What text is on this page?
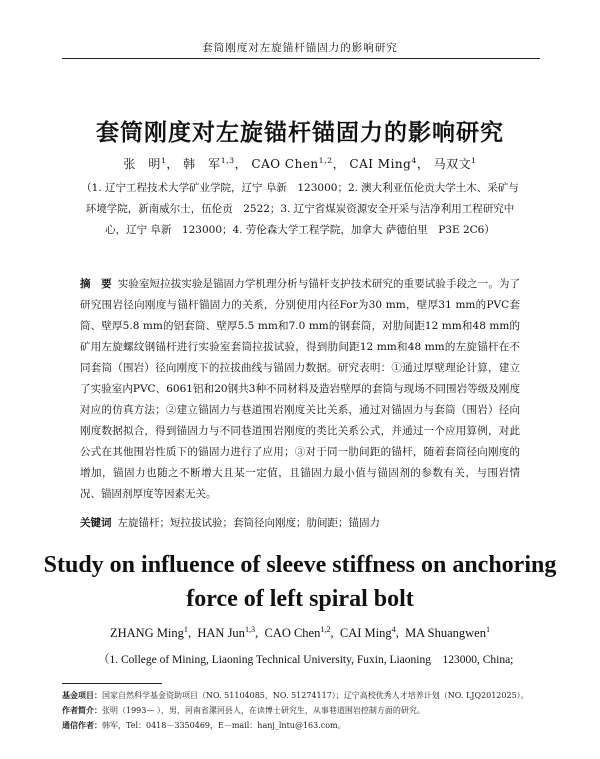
套筒刚度对左旋锚杆锚固力的影响研究
套筒刚度对左旋锚杆锚固力的影响研究
张　明$^1$， 韩　军$^{1,3}$， CAO Chen$^{1,2}$， CAI Ming$^4$， 马双文$^1$
（1. 辽宁工程技术大学矿业学院，辽宁 阜新　123000；2. 澳大利亚伍伦贡大学土木、采矿与环境学院，新南威尔士，伍伦贡　2522；3. 辽宁省煤炭资源安全开采与洁净利用工程研究中心，辽宁 阜新　123000；4. 劳伦森大学工程学院，加拿大 萨德伯里　P3E 2C6）
摘　要 实验室短拉拔实验是锚固力学机理分析与锚杆支护技术研究的重要试验手段之一。为了研究围岩径向刚度与锚杆锚固力的关系，分别使用内径For为30 mm，壁厚31 mm的PVC套筒、壁厚5.8 mm的铝套筒、壁厚5.5 mm和7.0 mm的钢套筒，对肋间距12 mm和48 mm的矿用左旋螺纹钢锚杆进行实验室套筒拉拔试验，得到肋间距12 mm和48 mm的左旋锚杆在不同套筒（围岩）径向刚度下的拉拔曲线与锚固力数据。研究表明：①通过厚壁理论计算，建立了实验室内PVC、6061铝和20钢共3种不同材料及造岩壁厚的套筒与现场不同围岩等级及刚度对应的仿真方法；②建立锚固力与巷道围岩刚度关比关系，通过对锚固力与套筒（围岩）径向刚度数据拟合，得到锚固力与不同巷道围岩刚度的类比关系公式，并通过一个应用算例，对此公式在其他围岩性质下的锚固力进行了应用；③对于同一肋间距的锚杆，随着套筒径向刚度的增加，锚固力也随之不断增大且某一定值，且锚固力最小值与锚固剂的参数有关，与围岩情况、锚固剂厚度等因素无关。
关键词 左旋锚杆；短拉拔试验；套筒径向刚度；肋间距；锚固力
Study on influence of sleeve stiffness on anchoring
force of left spiral bolt
ZHANG Ming$^1$,  HAN Jun$^{1,3}$,  CAO Chen$^{1,2}$,  CAI Ming$^4$,  MA Shuangwen$^1$
（1. College of Mining, Liaoning Technical University, Fuxin, Liaoning　123000, China;
基金项目：国家自然科学基金资助项目（NO. 51104085，NO. 51274117）；辽宁高校优秀人才培养计划（NO. LJQ2012025）。
作者简介：张明（1993— ），男，河南省漯河县人，在读博士研究生，从事巷道围岩控制方面的研究。
通信作者：韩军，Tel：0418－3350469，E－mail：hanj_lntu@163.com。
